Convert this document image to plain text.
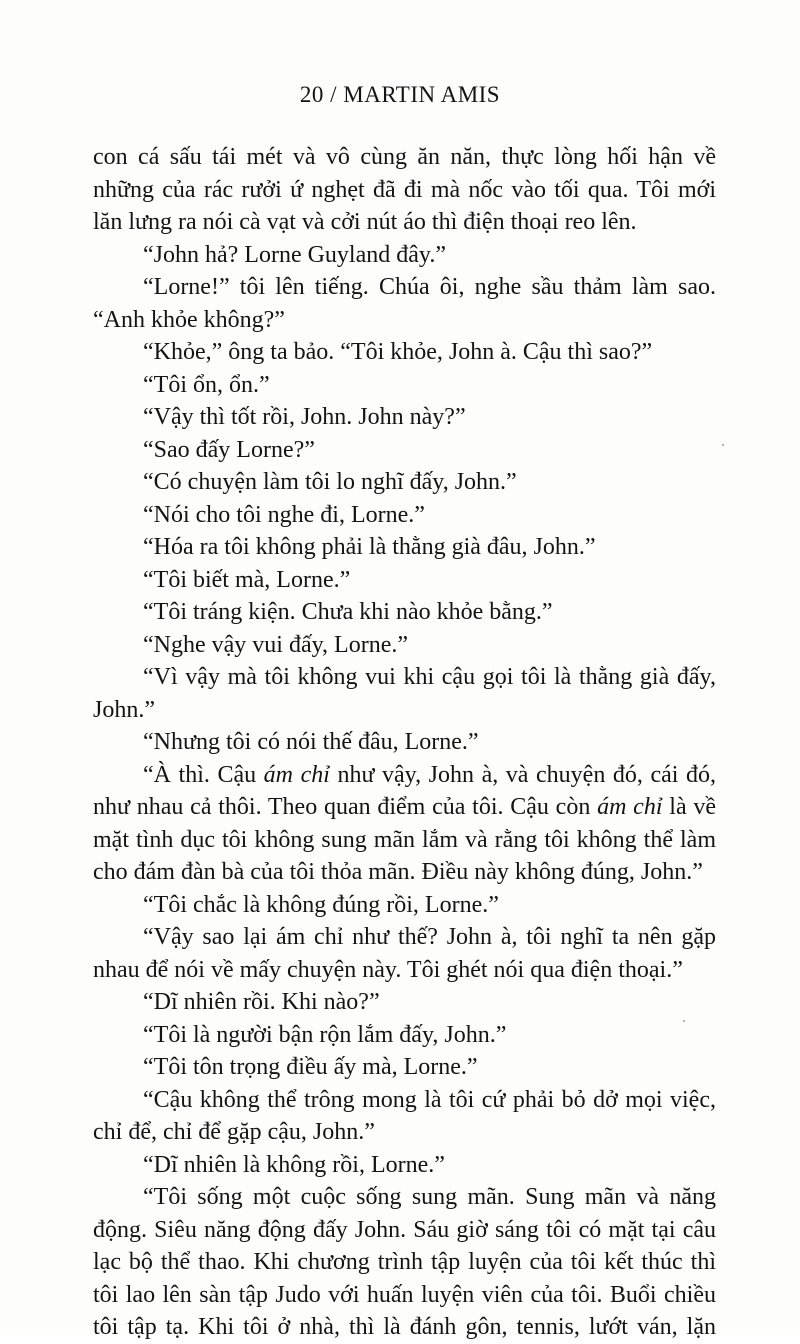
20 / MARTIN AMIS

con cá sấu tái mét và vô cùng ăn năn, thực lòng hối hận về
những của rác rưởi ứ nghẹt đã đi mà nốc vào tối qua. Tôi mới
lăn lưng ra nói cà vạt và cởi nút áo thì điện thoại reo lên.
“John hả? Lorne Guyland đây.”
“Lorne!” tôi lên tiếng. Chúa ôi, nghe sầu thảm làm sao.
“Anh khỏe không?”
“Khỏe,” ông ta bảo. “Tôi khỏe, John à. Cậu thì sao?”
“Tôi ổn, ổn.”
“Vậy thì tốt rồi, John. John này?”
“Sao đấy Lorne?”
“Có chuyện làm tôi lo nghĩ đấy, John.”
“Nói cho tôi nghe đi, Lorne.”
“Hóa ra tôi không phải là thằng già đâu, John.”
“Tôi biết mà, Lorne.”
“Tôi tráng kiện. Chưa khi nào khỏe bằng.”
“Nghe vậy vui đấy, Lorne.”
“Vì vậy mà tôi không vui khi cậu gọi tôi là thằng già đấy,
John.”
“Nhưng tôi có nói thế đâu, Lorne.”
“À thì. Cậu ám chỉ như vậy, John à, và chuyện đó, cái đó,
như nhau cả thôi. Theo quan điểm của tôi. Cậu còn ám chỉ là về
mặt tình dục tôi không sung mãn lắm và rằng tôi không thể làm
cho đám đàn bà của tôi thỏa mãn. Điều này không đúng, John.”
“Tôi chắc là không đúng rồi, Lorne.”
“Vậy sao lại ám chỉ như thế? John à, tôi nghĩ ta nên gặp
nhau để nói về mấy chuyện này. Tôi ghét nói qua điện thoại.”
“Dĩ nhiên rồi. Khi nào?”
“Tôi là người bận rộn lắm đấy, John.”
“Tôi tôn trọng điều ấy mà, Lorne.”
“Cậu không thể trông mong là tôi cứ phải bỏ dở mọi việc,
chỉ để, chỉ để gặp cậu, John.”
“Dĩ nhiên là không rồi, Lorne.”
“Tôi sống một cuộc sống sung mãn. Sung mãn và năng
động. Siêu năng động đấy John. Sáu giờ sáng tôi có mặt tại câu
lạc bộ thể thao. Khi chương trình tập luyện của tôi kết thúc thì
tôi lao lên sàn tập Judo với huấn luyện viên của tôi. Buổi chiều
tôi tập tạ. Khi tôi ở nhà, thì là đánh gôn, tennis, lướt ván, lặn
